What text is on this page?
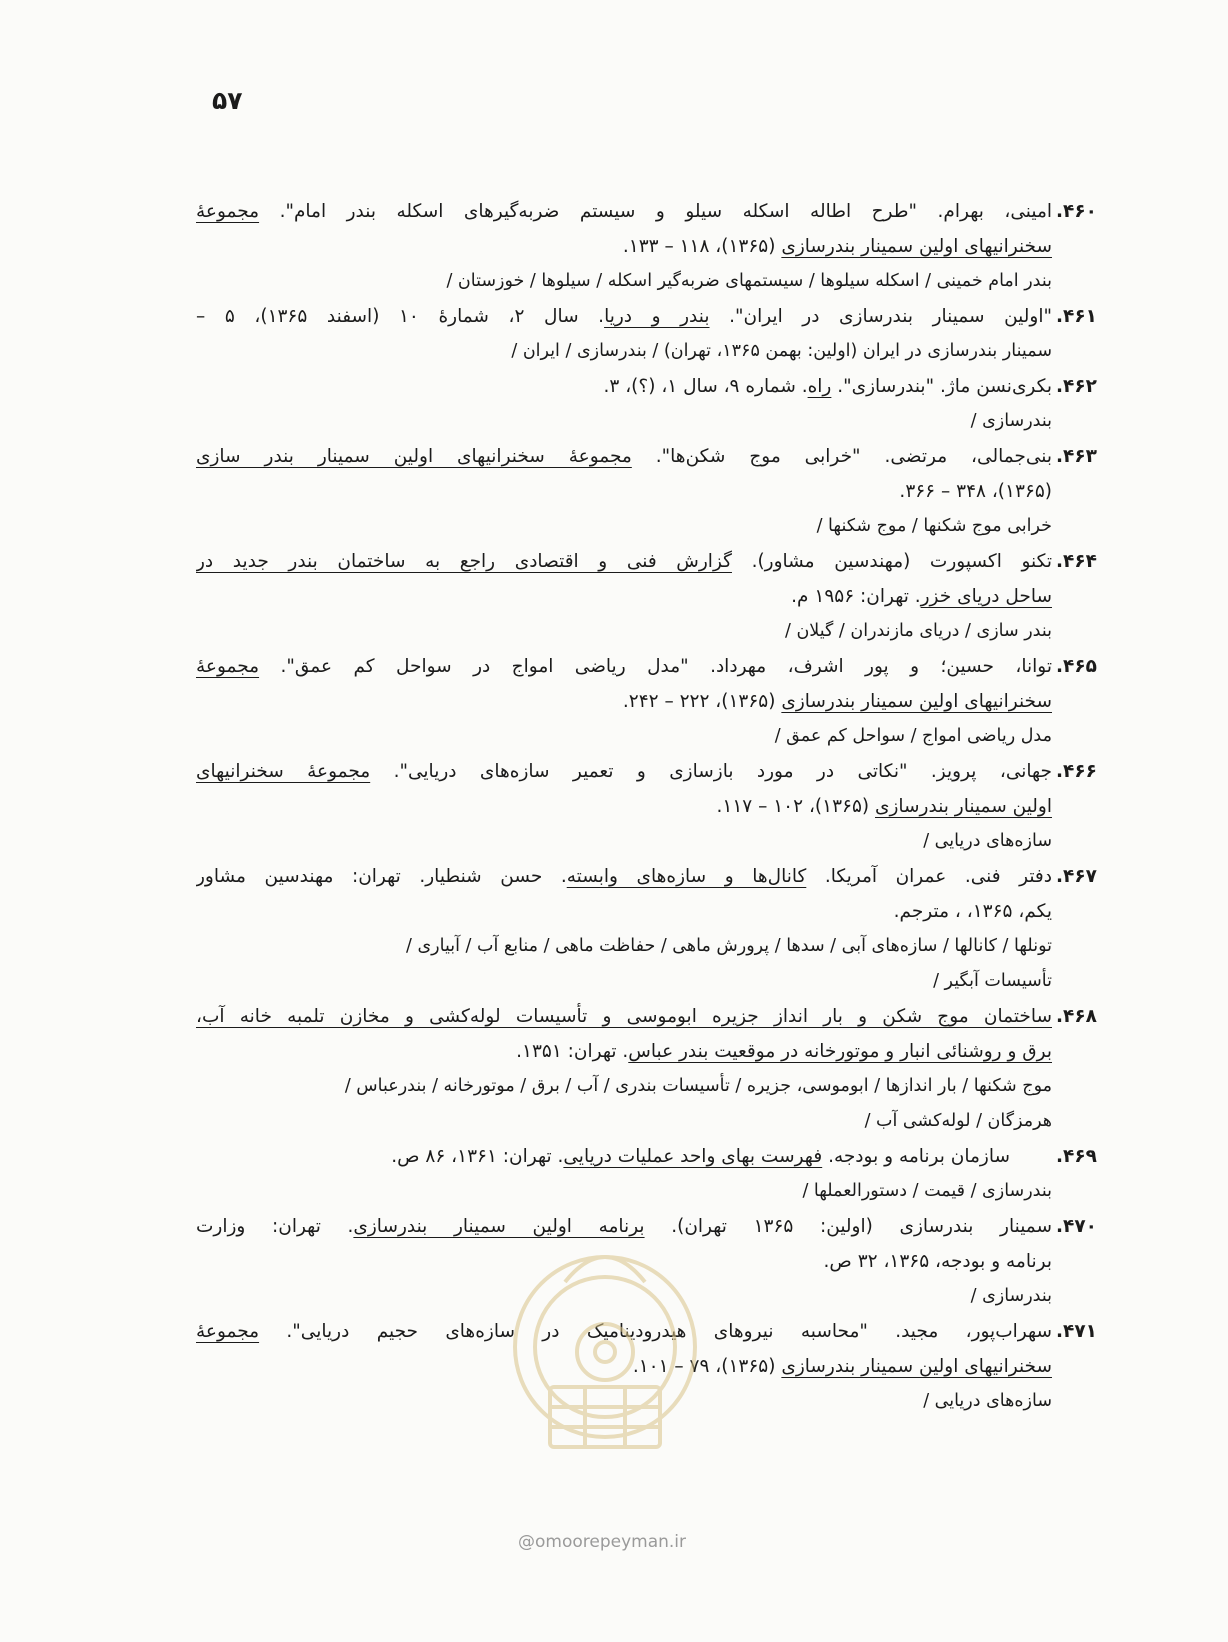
۵۷
۴۶۰.
امینی، بهرام. "طرح اطاله اسکله سیلو و سیستم ضربه‌گیرهای اسکله بندر امام". مجموعهٔ
سخنرانیهای اولین سمینار بندرسازی (۱۳۶۵)، ۱۱۸ – ۱۳۳.
بندر امام خمینی / اسکله سیلوها / سیستمهای ضربه‌گیر اسکله / سیلوها / خوزستان /
۴۶۱.
"اولین سمینار بندرسازی در ایران". بندر و دریا. سال ۲، شمارهٔ ۱۰ (اسفند ۱۳۶۵)، ۵ –
سمینار بندرسازی در ایران (اولین: بهمن ۱۳۶۵، تهران) / بندرسازی / ایران /
۴۶۲.
بکری‌نسن ماژ. "بندرسازی". راه. شماره ۹، سال ۱، (؟)، ۳.
بندرسازی /
۴۶۳.
بنی‌جمالی، مرتضی. "خرابی موج شکن‌ها". مجموعهٔ سخنرانیهای اولین سمینار بندر سازی
(۱۳۶۵)، ۳۴۸ – ۳۶۶.
خرابی موج شکنها / موج شکنها /
۴۶۴.
تکنو اکسپورت (مهندسین مشاور). گزارش فنی و اقتصادی راجع به ساختمان بندر جدید در
ساحل دریای خزر. تهران: ۱۹۵۶ م.
بندر سازی / دریای مازندران / گیلان /
۴۶۵.
توانا، حسین؛ و پور اشرف، مهرداد. "مدل ریاضی امواج در سواحل کم عمق". مجموعهٔ
سخنرانیهای اولین سمینار بندرسازی (۱۳۶۵)، ۲۲۲ – ۲۴۲.
مدل ریاضی امواج / سواحل کم عمق /
۴۶۶.
جهانی، پرویز. "نکاتی در مورد بازسازی و تعمیر سازه‌های دریایی". مجموعهٔ سخنرانیهای
اولین سمینار بندرسازی (۱۳۶۵)، ۱۰۲ – ۱۱۷.
سازه‌های دریایی /
۴۶۷.
دفتر فنی. عمران آمریکا. کانال‌ها و سازه‌های وابسته. حسن شنطیار. تهران: مهندسین مشاور
یکم، ۱۳۶۵، ، مترجم.
تونلها / کانالها / سازه‌های آبی / سدها / پرورش ماهی / حفاظت ماهی / منابع آب / آبیاری /
تأسیسات آبگیر /
۴۶۸.
ساختمان موج شکن و بار انداز جزیره ابوموسی و تأسیسات لوله‌کشی و مخازن تلمبه خانه آب،
برق و روشنائی انبار و موتورخانه در موقعیت بندر عباس. تهران: ۱۳۵۱.
موج شکنها / بار اندازها / ابوموسی، جزیره / تأسیسات بندری / آب / برق / موتورخانه / بندرعباس /
هرمزگان / لوله‌کشی آب /
۴۶۹.
سازمان برنامه و بودجه. فهرست بهای واحد عملیات دریایی. تهران: ۱۳۶۱، ۸۶ ص.
بندرسازی / قیمت / دستورالعملها /
۴۷۰.
سمینار بندرسازی (اولین: ۱۳۶۵ تهران). برنامه اولین سمینار بندرسازی. تهران: وزارت
برنامه و بودجه، ۱۳۶۵، ۳۲ ص.
بندرسازی /
۴۷۱.
سهراب‌پور، مجید. "محاسبه نیروهای هیدرودینامیک در سازه‌های حجیم دریایی". مجموعهٔ
سخنرانیهای اولین سمینار بندرسازی (۱۳۶۵)، ۷۹ – ۱۰۱.
سازه‌های دریایی /
@omoorepeyman.ir
